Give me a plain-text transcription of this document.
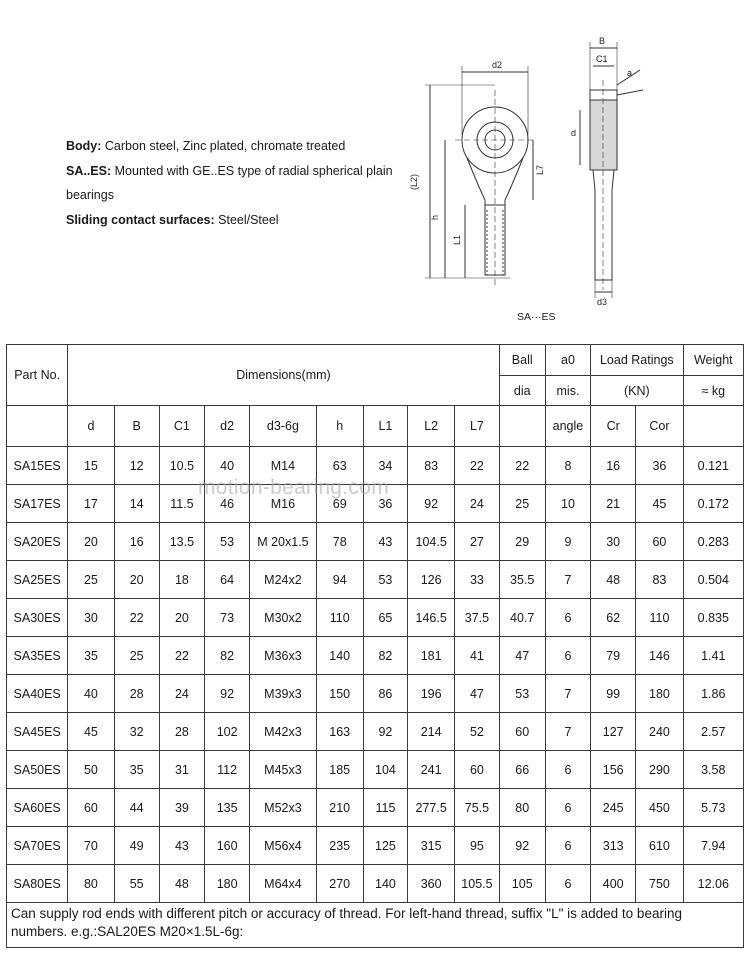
Body: Carbon steel, Zinc plated, chromate treated

SA..ES: Mounted with GE..ES type of radial spherical plain bearings

Sliding contact surfaces: Steel/Steel

d2
(L2)
h
L1
L7
B
C1
a
d
d3
SA···ES
Part No.	Dimensions(mm)									Ball	a0	Load Ratings		Weight
										dia	mis.	(KN)		≈ kg
	d	B	C1	d2	d3-6g	h	L1	L2	L7		angle	Cr	Cor	
SA15ES	15	12	10.5	40	M14	63	34	83	22	22	8	16	36	0.121
SA17ES	17	14	11.5	46	M16	69	36	92	24	25	10	21	45	0.172
SA20ES	20	16	13.5	53	M 20x1.5	78	43	104.5	27	29	9	30	60	0.283
SA25ES	25	20	18	64	M24x2	94	53	126	33	35.5	7	48	83	0.504
SA30ES	30	22	20	73	M30x2	110	65	146.5	37.5	40.7	6	62	110	0.835
SA35ES	35	25	22	82	M36x3	140	82	181	41	47	6	79	146	1.41
SA40ES	40	28	24	92	M39x3	150	86	196	47	53	7	99	180	1.86
SA45ES	45	32	28	102	M42x3	163	92	214	52	60	7	127	240	2.57
SA50ES	50	35	31	112	M45x3	185	104	241	60	66	6	156	290	3.58
SA60ES	60	44	39	135	M52x3	210	115	277.5	75.5	80	6	245	450	5.73
SA70ES	70	49	43	160	M56x4	235	125	315	95	92	6	313	610	7.94
SA80ES	80	55	48	180	M64x4	270	140	360	105.5	105	6	400	750	12.06
Can supply rod ends with different pitch or accuracy of thread. For left-hand thread, suffix "L" is added to bearing numbers. e.g.:SAL20ES M20×1.5L-6g:														
motion-bearing.com
